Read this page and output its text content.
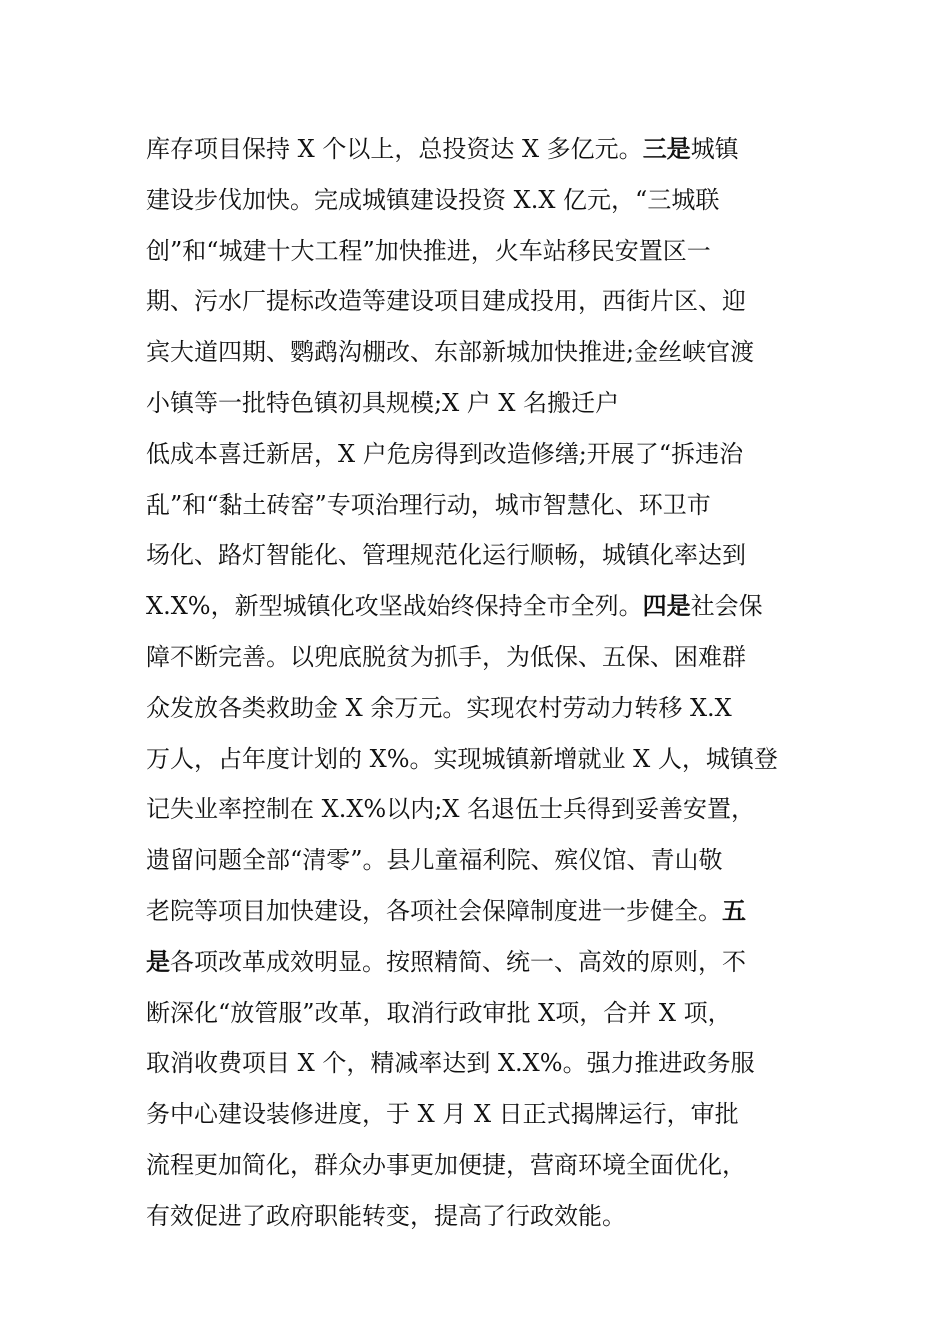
库存项目保持 X 个以上，总投资达 X 多亿元。三是城镇
建设步伐加快。完成城镇建设投资 X.X 亿元，“三城联
创”和“城建十大工程”加快推进，火车站移民安置区一
期、污水厂提标改造等建设项目建成投用，西街片区、迎
宾大道四期、鹦鹉沟棚改、东部新城加快推进;金丝峡官渡
小镇等一批特色镇初具规模;X 户 X 名搬迁户
低成本喜迁新居，X 户危房得到改造修缮;开展了“拆违治
乱”和“黏土砖窑”专项治理行动，城市智慧化、环卫市
场化、路灯智能化、管理规范化运行顺畅，城镇化率达到
X.X%，新型城镇化攻坚战始终保持全市全列。四是社会保
障不断完善。以兜底脱贫为抓手，为低保、五保、困难群
众发放各类救助金 X 余万元。实现农村劳动力转移 X.X
万人，占年度计划的 X%。实现城镇新增就业 X 人，城镇登
记失业率控制在 X.X%以内;X 名退伍士兵得到妥善安置，
遗留问题全部“清零”。县儿童福利院、殡仪馆、青山敬
老院等项目加快建设，各项社会保障制度进一步健全。五
是各项改革成效明显。按照精简、统一、高效的原则，不
断深化“放管服”改革，取消行政审批 X项，合并 X 项，
取消收费项目 X 个，精减率达到 X.X%。强力推进政务服
务中心建设装修进度，于 X 月 X 日正式揭牌运行，审批
流程更加简化，群众办事更加便捷，营商环境全面优化，
有效促进了政府职能转变，提高了行政效能。
